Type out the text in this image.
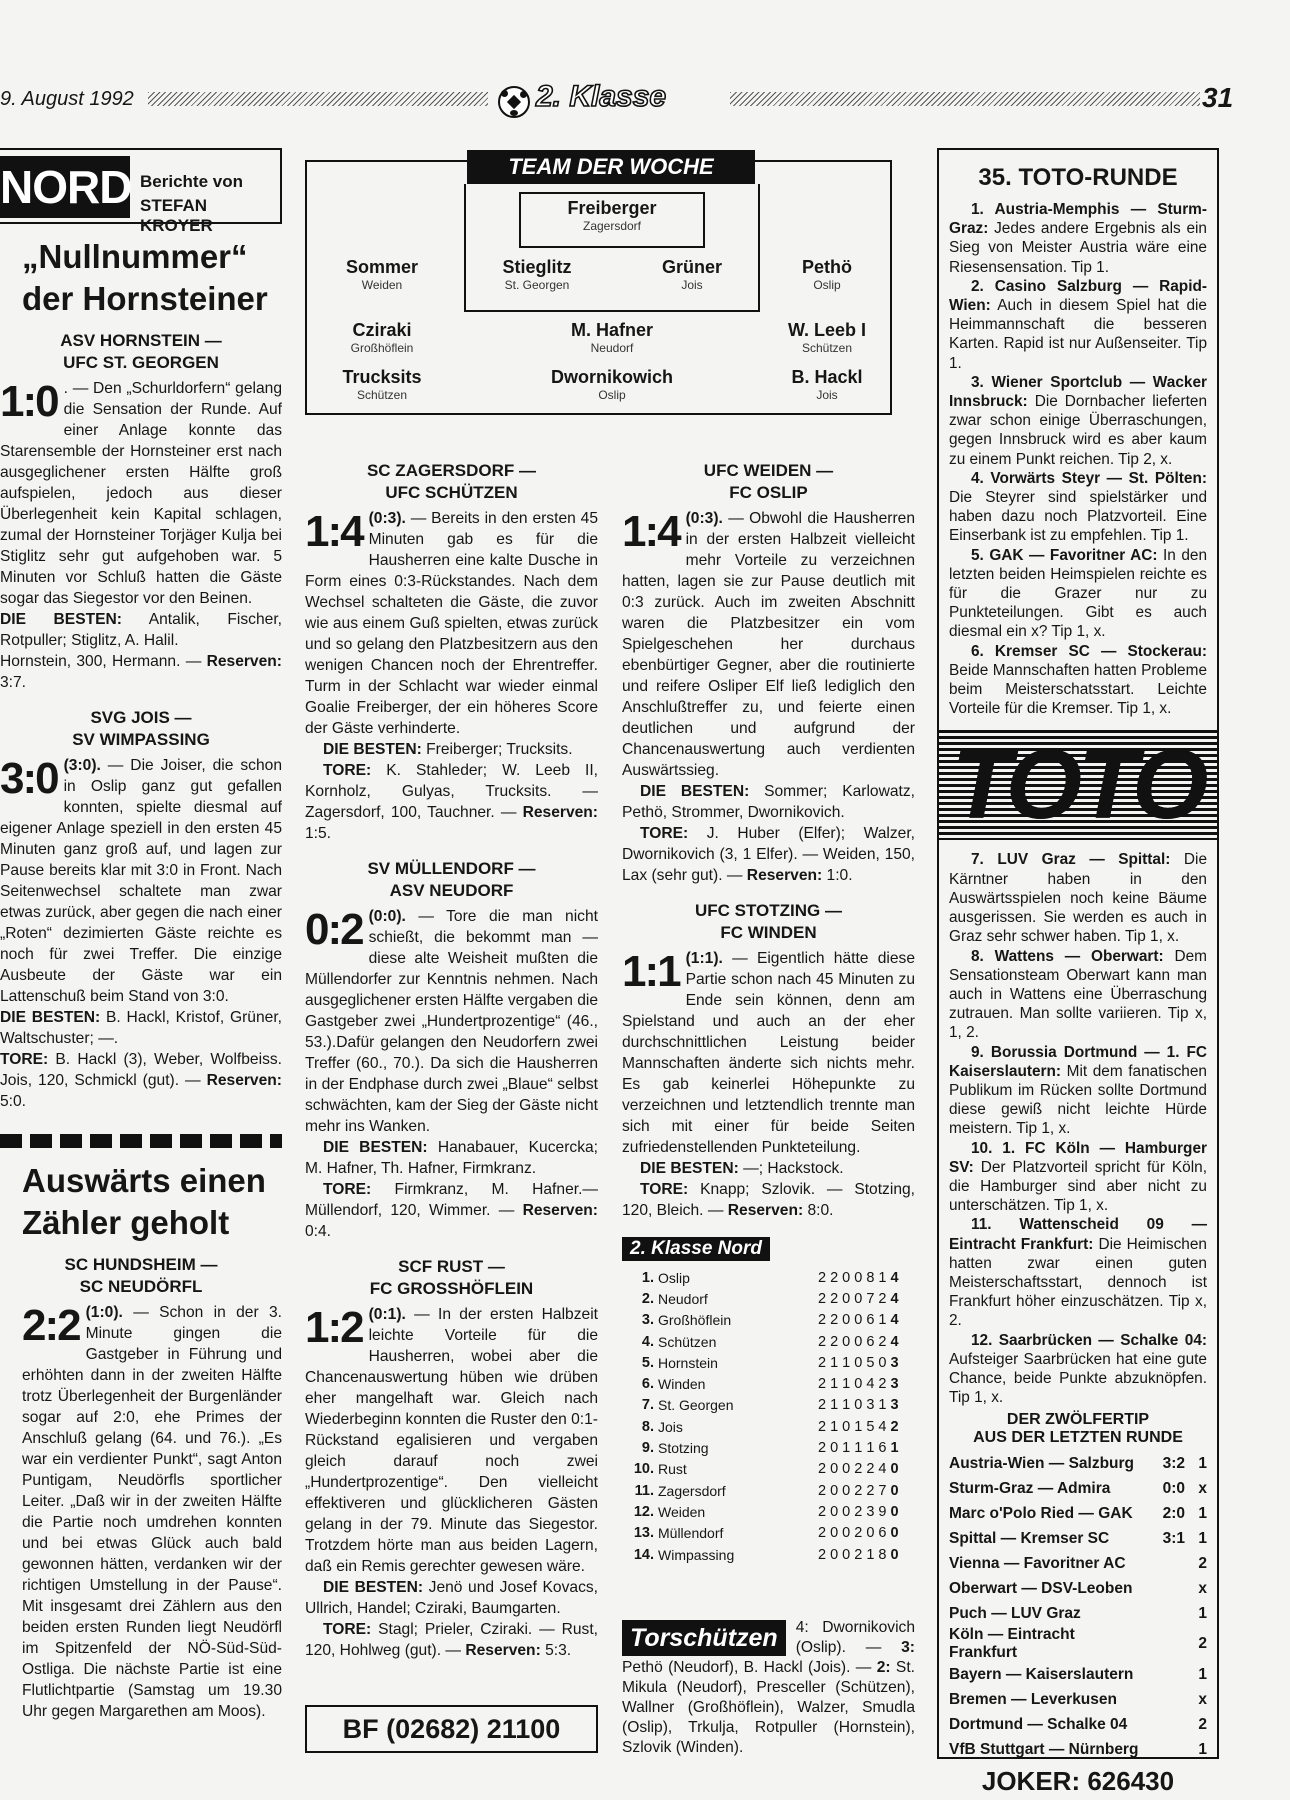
9. August 1992	2. Klasse	31
NORD Berichte von
STEFAN KROYER
„Nullnummer“
der Hornsteiner
ASV HORNSTEIN —
UFC ST. GEORGEN

1:0 . — Den „Schurldorfern“ gelang die Sensation der Runde. Auf einer Anlage konnte das Starensemble der Hornsteiner erst nach ausgeglichener ersten Hälfte groß aufspielen, jedoch aus dieser Überlegenheit kein Kapital schlagen, zumal der Hornsteiner Torjäger Kulja bei Stiglitz sehr gut aufgehoben war. 5 Minuten vor Schluß hatten die Gäste sogar das Siegestor vor den Beinen.

DIE BESTEN: Antalik, Fischer, Rotpuller; Stiglitz, A. Halil.

Hornstein, 300, Hermann. — Reserven: 3:7.

SVG JOIS —
SV WIMPASSING

3:0 (3:0). — Die Joiser, die schon in Oslip ganz gut gefallen konnten, spielte diesmal auf eigener Anlage speziell in den ersten 45 Minuten ganz groß auf, und lagen zur Pause bereits klar mit 3:0 in Front. Nach Seitenwechsel schaltete man zwar etwas zurück, aber gegen die nach einer „Roten“ dezimierten Gäste reichte es noch für zwei Treffer. Die einzige Ausbeute der Gäste war ein Lattenschuß beim Stand von 3:0.

DIE BESTEN: B. Hackl, Kristof, Grüner, Waltschuster; —.

TORE: B. Hackl (3), Weber, Wolfbeiss. Jois, 120, Schmickl (gut). — Reserven: 5:0.

Auswärts einen
Zähler geholt
SC HUNDSHEIM —
SC NEUDÖRFL

2:2 (1:0). — Schon in der 3. Minute gingen die Gastgeber in Führung und erhöhten dann in der zweiten Hälfte trotz Überlegenheit der Burgenländer sogar auf 2:0, ehe Primes der Anschluß gelang (64. und 76.). „Es war ein verdienter Punkt“, sagt Anton Puntigam, Neudörfls sportlicher Leiter. „Daß wir in der zweiten Hälfte die Partie noch umdrehen konnten und bei etwas Glück auch bald gewonnen hätten, verdanken wir der richtigen Umstellung in der Pause“. Mit insgesamt drei Zählern aus den beiden ersten Runden liegt Neudörfl im Spitzenfeld der NÖ-Süd-Süd-Ostliga. Die nächste Partie ist eine Flutlichtpartie (Samstag um 19.30 Uhr gegen Margarethen am Moos).

TEAM DER WOCHE
Freiberger
Zagersdorf
Sommer
Weiden
Stieglitz
St. Georgen
Grüner
Jois
Pethö
Oslip
Cziraki
Großhöflein
M. Hafner
Neudorf
W. Leeb I
Schützen
Trucksits
Schützen
Dwornikowich
Oslip
B. Hackl
Jois
SC ZAGERSDORF —
UFC SCHÜTZEN

1:4 (0:3). — Bereits in den ersten 45 Minuten gab es für die Hausherren eine kalte Dusche in Form eines 0:3-Rückstandes. Nach dem Wechsel schalteten die Gäste, die zuvor wie aus einem Guß spielten, etwas zurück und so gelang den Platzbesitzern aus den wenigen Chancen noch der Ehrentreffer. Turm in der Schlacht war wieder einmal Goalie Freiberger, der ein höheres Score der Gäste verhinderte.

DIE BESTEN: Freiberger; Trucksits.

TORE: K. Stahleder; W. Leeb II, Kornholz, Gulyas, Trucksits. — Zagersdorf, 100, Tauchner. — Reserven: 1:5.

SV MÜLLENDORF —
ASV NEUDORF

0:2 (0:0). — Tore die man nicht schießt, die bekommt man — diese alte Weisheit mußten die Müllendorfer zur Kenntnis nehmen. Nach ausgeglichener ersten Hälfte vergaben die Gastgeber zwei „Hundertprozentige“ (46., 53.).Dafür gelangen den Neudorfern zwei Treffer (60., 70.). Da sich die Hausherren in der Endphase durch zwei „Blaue“ selbst schwächten, kam der Sieg der Gäste nicht mehr ins Wanken.

DIE BESTEN: Hanabauer, Kucercka; M. Hafner, Th. Hafner, Firmkranz.

TORE: Firmkranz, M. Hafner.— Müllendorf, 120, Wimmer. — Reserven: 0:4.

SCF RUST —
FC GROSSHÖFLEIN

1:2 (0:1). — In der ersten Halbzeit leichte Vorteile für die Hausherren, wobei aber die Chancenauswertung hüben wie drüben eher mangelhaft war. Gleich nach Wiederbeginn konnten die Ruster den 0:1-Rückstand egalisieren und vergaben gleich darauf noch zwei „Hundertprozentige“. Den vielleicht effektiveren und glücklicheren Gästen gelang in der 79. Minute das Siegestor. Trotzdem hörte man aus beiden Lagern, daß ein Remis gerechter gewesen wäre.

DIE BESTEN: Jenö und Josef Kovacs, Ullrich, Handel; Cziraki, Baumgarten.

TORE: Stagl; Prieler, Cziraki. — Rust, 120, Hohlweg (gut). — Reserven: 5:3.

BF (02682) 21100
UFC WEIDEN —
FC OSLIP

1:4 (0:3). — Obwohl die Hausherren in der ersten Halbzeit vielleicht mehr Vorteile zu verzeichnen hatten, lagen sie zur Pause deutlich mit 0:3 zurück. Auch im zweiten Abschnitt waren die Platzbesitzer ein vom Spielgeschehen her durchaus ebenbürtiger Gegner, aber die routinierte und reifere Osliper Elf ließ lediglich den Anschlußtreffer zu, und feierte einen deutlichen und aufgrund der Chancenauswertung auch verdienten Auswärtssieg.

DIE BESTEN: Sommer; Karlowatz, Pethö, Strommer, Dwornikovich.

TORE: J. Huber (Elfer); Walzer, Dwornikovich (3, 1 Elfer). — Weiden, 150, Lax (sehr gut). — Reserven: 1:0.

UFC STOTZING —
FC WINDEN

1:1 (1:1). — Eigentlich hätte diese Partie schon nach 45 Minuten zu Ende sein können, denn am Spielstand und auch an der eher durchschnittlichen Leistung beider Mannschaften änderte sich nichts mehr. Es gab keinerlei Höhepunkte zu verzeichnen und letztendlich trennte man sich mit einer für beide Seiten zufriedenstellenden Punkteteilung.

DIE BESTEN: —; Hackstock.

TORE: Knapp; Szlovik. — Stotzing, 120, Bleich. — Reserven: 8:0.

2. Klasse Nord
1.	Oslip	2	2	0	0	8	1	4
2.	Neudorf	2	2	0	0	7	2	4
3.	Großhöflein	2	2	0	0	6	1	4
4.	Schützen	2	2	0	0	6	2	4
5.	Hornstein	2	1	1	0	5	0	3
6.	Winden	2	1	1	0	4	2	3
7.	St. Georgen	2	1	1	0	3	1	3
8.	Jois	2	1	0	1	5	4	2
9.	Stotzing	2	0	1	1	1	6	1
10.	Rust	2	0	0	2	2	4	0
11.	Zagersdorf	2	0	0	2	2	7	0
12.	Weiden	2	0	0	2	3	9	0
13.	Müllendorf	2	0	0	2	0	6	0
14.	Wimpassing	2	0	0	2	1	8	0
Torschützen	4: Dwornikovich (Oslip). — 3: Pethö (Neudorf), B. Hackl (Jois). — 2: St. Mikula (Neudorf), Presceller (Schützen), Wallner (Großhöflein), Walzer, Smudla (Oslip), Trkulja, Rotpuller (Hornstein), Szlovik (Winden).
35. TOTO-RUNDE
1. Austria-Memphis — Sturm-Graz: Jedes andere Ergebnis als ein Sieg von Meister Austria wäre eine Riesensensation. Tip 1.
2. Casino Salzburg — Rapid-Wien: Auch in diesem Spiel hat die Heimmannschaft die besseren Karten. Rapid ist nur Außenseiter. Tip 1.
3. Wiener Sportclub — Wacker Innsbruck: Die Dornbacher lieferten zwar schon einige Überraschungen, gegen Innsbruck wird es aber kaum zu einem Punkt reichen. Tip 2, x.
4. Vorwärts Steyr — St. Pölten: Die Steyrer sind spielstärker und haben dazu noch Platzvorteil. Eine Einserbank ist zu empfehlen. Tip 1.
5. GAK — Favoritner AC: In den letzten beiden Heimspielen reichte es für die Grazer nur zu Punkteteilungen. Gibt es auch diesmal ein x? Tip 1, x.
6. Kremser SC — Stockerau: Beide Mannschaften hatten Probleme beim Meisterschatsstart. Leichte Vorteile für die Kremser. Tip 1, x.
TOTO
7. LUV Graz — Spittal: Die Kärntner haben in den Auswärtsspielen noch keine Bäume ausgerissen. Sie werden es auch in Graz sehr schwer haben. Tip 1, x.
8. Wattens — Oberwart: Dem Sensationsteam Oberwart kann man auch in Wattens eine Überraschung zutrauen. Man sollte variieren. Tip x, 1, 2.
9. Borussia Dortmund — 1. FC Kaiserslautern: Mit dem fanatischen Publikum im Rücken sollte Dortmund diese gewiß nicht leichte Hürde meistern. Tip 1, x.
10. 1. FC Köln — Hamburger SV: Der Platzvorteil spricht für Köln, die Hamburger sind aber nicht zu unterschätzen. Tip 1, x.
11. Wattenscheid 09 — Eintracht Frankfurt: Die Heimischen hatten zwar einen guten Meisterschaftsstart, dennoch ist Frankfurt höher einzuschätzen. Tip x, 2.
12. Saarbrücken — Schalke 04: Aufsteiger Saarbrücken hat eine gute Chance, beide Punkte abzuknöpfen. Tip 1, x.
DER ZWÖLFERTIP
AUS DER LETZTEN RUNDE
Austria-Wien — Salzburg	3:2	1
Sturm-Graz — Admira	0:0	x
Marc o'Polo Ried — GAK	2:0	1
Spittal — Kremser SC	3:1	1
Vienna — Favoritner AC		2
Oberwart — DSV-Leoben		x
Puch — LUV Graz		1
Köln — Eintracht Frankfurt		2
Bayern — Kaiserslautern		1
Bremen — Leverkusen		x
Dortmund — Schalke 04		2
VfB Stuttgart — Nürnberg		1
JOKER: 626430
